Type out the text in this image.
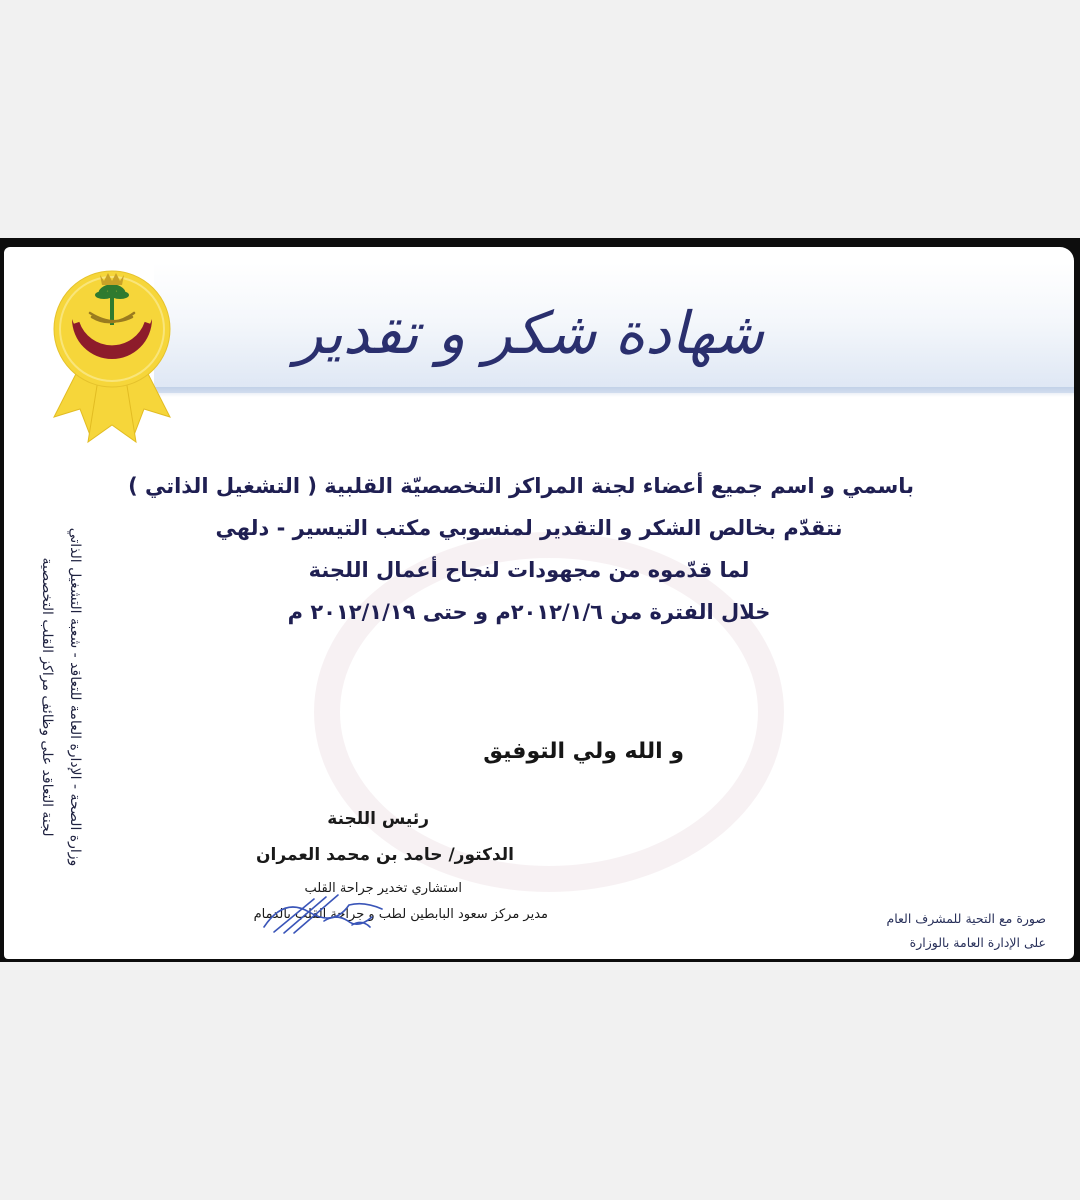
شهادة شكر و تقدير
وزارة الصحة - الإدارة العامة للتعاقد - شعبة التشغيل الذاتي
لجنة التعاقد على وظائف مراكز القلب التخصصية
باسمي و اسم جميع أعضاء لجنة المراكز التخصصيّة القلبية ( التشغيل الذاتي )
نتقدّم بخالص الشكر و التقدير لمنسوبي مكتب التيسير - دلهي
لما قدّموه من مجهودات لنجاح أعمال اللجنة
خلال الفترة من ٢٠١٢/١/٦م و حتى ٢٠١٢/١/١٩ م
و الله ولي التوفيق
رئيس اللجنة
الدكتور/ حامد بن محمد العمران
استشاري تخدير جراحة القلب
مدير مركز سعود البابطين لطب و جراحة القلب بالدمام	صورة مع التحية للمشرف العام
على الإدارة العامة بالوزارة
